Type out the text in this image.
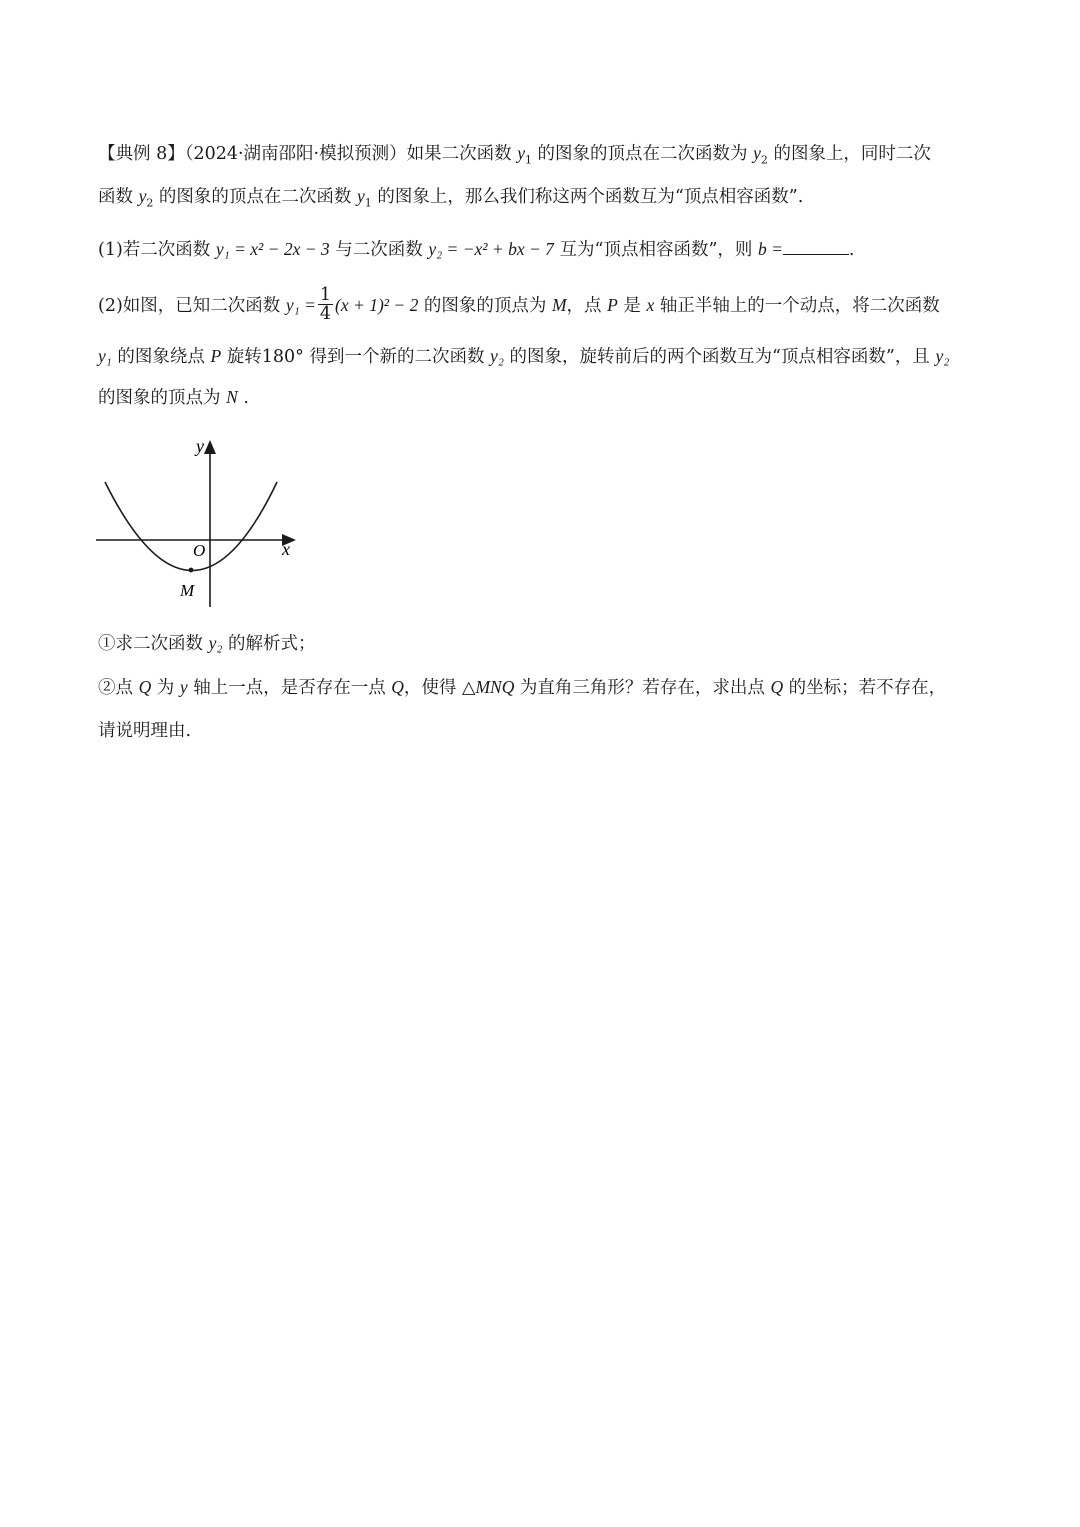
【典例 8】（2024·湖南邵阳·模拟预测）如果二次函数 $y_1$ 的图象的顶点在二次函数为 $y_2$ 的图象上，同时二次
函数 $y_2$ 的图象的顶点在二次函数 $y_1$ 的图象上，那么我们称这两个函数互为“顶点相容函数”.
(1)若二次函数 y₁ = x² − 2x − 3 与二次函数 y₂ = −x² + bx − 7 互为“顶点相容函数”，则 b =	.
(2)如图，已知二次函数 $y_1 = \frac{1}{4} (x + 1)^2 - 2$ 的图象的顶点为 M，点 P 是 x 轴正半轴上的一个动点，将二次函数
y₁ 的图象绕点 P 旋转180° 得到一个新的二次函数 y₂ 的图象，旋转前后的两个函数互为“顶点相容函数”，且 y₂
的图象的顶点为 N .
y
x
O
M
①求二次函数 y₂ 的解析式；
②点 Q 为 y 轴上一点，是否存在一点 Q，使得 △MNQ 为直角三角形？若存在，求出点 Q 的坐标；若不存在，
请说明理由.
